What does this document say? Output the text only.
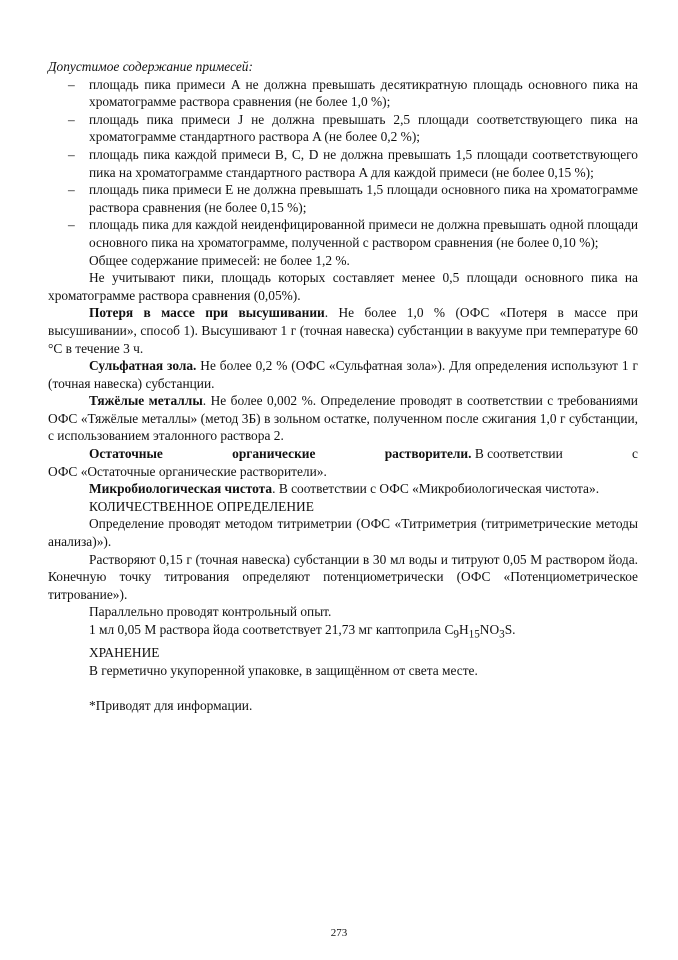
Допустимое содержание примесей:

– площадь пика примеси A не должна превышать десятикратную площадь основного пика на хроматограмме раствора сравнения (не более 1,0 %);
– площадь пика примеси J не должна превышать 2,5 площади соответствующего пика на хроматограмме стандартного раствора A (не более 0,2 %);
– площадь пика каждой примеси B, C, D не должна превышать 1,5 площади соответствующего пика на хроматограмме стандартного раствора A для каждой примеси (не более 0,15 %);
– площадь пика примеси E не должна превышать 1,5 площади основного пика на хроматограмме раствора сравнения (не более 0,15 %);
– площадь пика для каждой неиденфицированной примеси не должна превышать одной площади основного пика на хроматограмме, полученной с раствором сравнения (не более 0,10 %);

Общее содержание примесей: не более 1,2 %.

Не учитывают пики, площадь которых составляет менее 0,5 площади основного пика на хроматограмме раствора сравнения (0,05%).

Потеря в массе при высушивании. Не более 1,0 % (ОФС «Потеря в массе при высушивании», способ 1). Высушивают 1 г (точная навеска) субстанции в вакууме при температуре 60 °C в течение 3 ч.

Сульфатная зола. Не более 0,2 % (ОФС «Сульфатная зола»). Для определения используют 1 г (точная навеска) субстанции.

Тяжёлые металлы. Не более 0,002 %. Определение проводят в соответствии с требованиями ОФС «Тяжёлые металлы» (метод 3Б) в зольном остатке, полученном после сжигания 1,0 г субстанции, с использованием эталонного раствора 2.

Остаточные	органические	растворители. В соответствии	с

ОФС «Остаточные органические растворители».

Микробиологическая чистота. В соответствии с ОФС «Микробиологическая чистота».

КОЛИЧЕСТВЕННОЕ ОПРЕДЕЛЕНИЕ

Определение проводят методом титриметрии (ОФС «Титриметрия (титриметрические методы анализа)»).

Растворяют 0,15 г (точная навеска) субстанции в 30 мл воды и титруют 0,05 М раствором йода. Конечную точку титрования определяют потенциометрически (ОФС «Потенциометрическое титрование»).

Параллельно проводят контрольный опыт.

1 мл 0,05 М раствора йода соответствует 21,73 мг каптоприла $C_9H_{15}NO_3S$.

ХРАНЕНИЕ

В герметично укупоренной упаковке, в защищённом от света месте.

*Приводят для информации.

273
